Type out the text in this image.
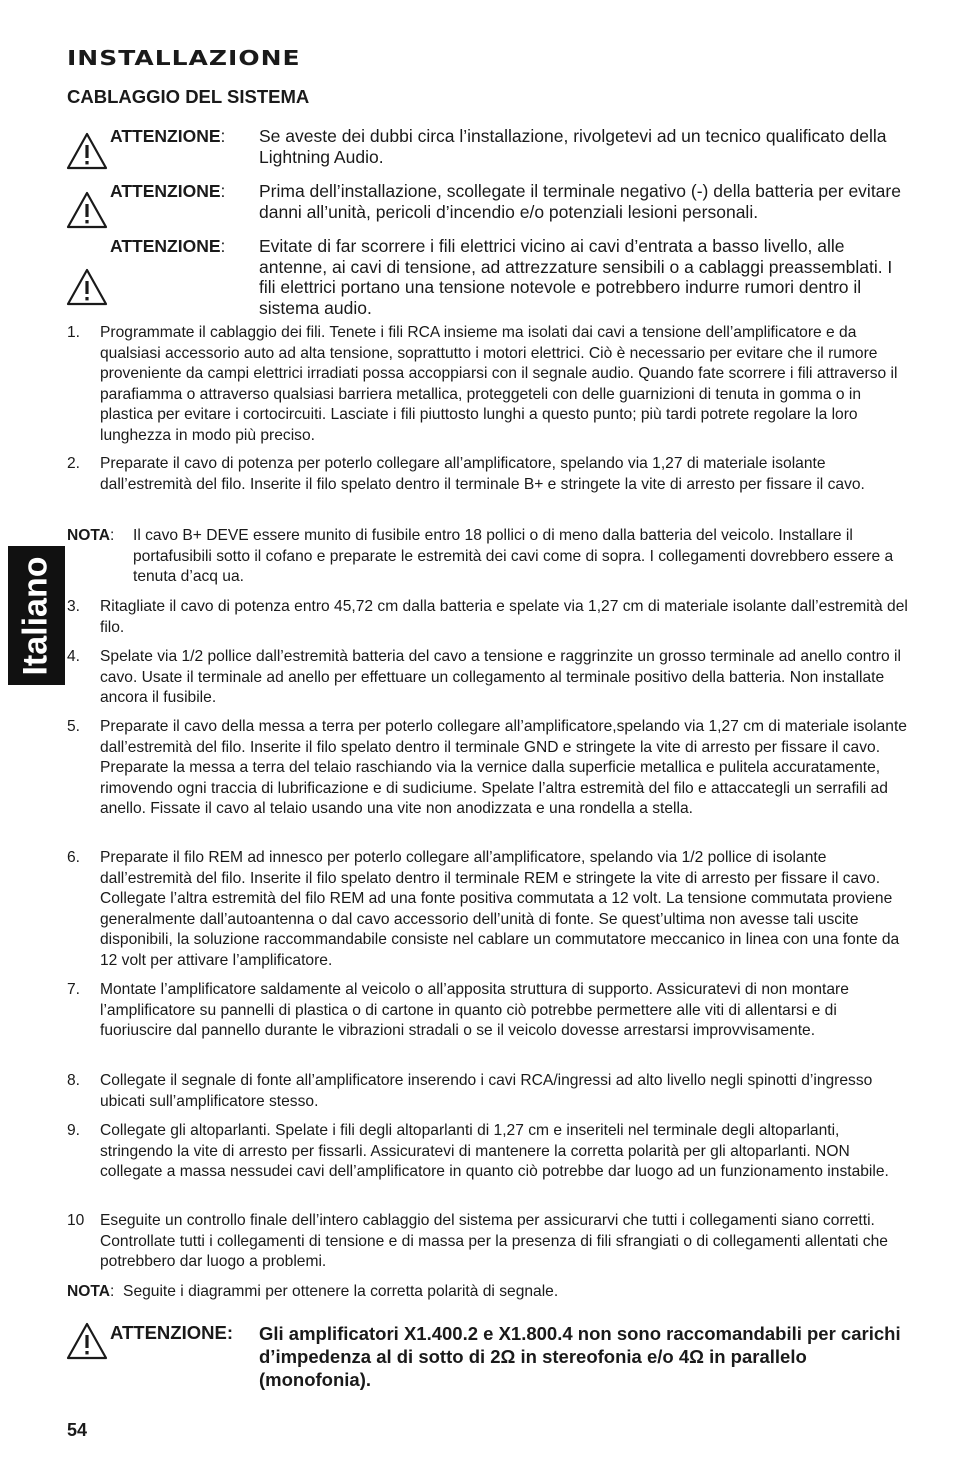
INSTALLAZIONE
CABLAGGIO DEL SISTEMA
ATTENZIONE: Se aveste dei dubbi circa l’installazione, rivolgetevi ad un tecnico qualificato della Lightning Audio.
ATTENZIONE: Prima dell’installazione, scollegate il terminale negativo (-) della batteria per evitare danni all’unità, pericoli d’incendio e/o potenziali lesioni personali.
ATTENZIONE: Evitate di far scorrere i fili elettrici vicino ai cavi d’entrata a basso livello, alle antenne, ai cavi di tensione, ad attrezzature sensibili o a cablaggi preassemblati. I fili elettrici portano una tensione notevole e potrebbero indurre rumori dentro il sistema audio.
1. Programmate il cablaggio dei fili. Tenete i fili RCA insieme ma isolati dai cavi a tensione dell’amplificatore e da qualsiasi accessorio auto ad alta tensione, soprattutto i motori elettrici. Ciò è necessario per evitare che il rumore proveniente da campi elettrici irradiati possa accoppiarsi con il segnale audio. Quando fate scorrere i fili attraverso il parafiamma o attraverso qualsiasi barriera metallica, proteggeteli con delle guarnizioni di tenuta in gomma o in plastica per evitare i cortocircuiti. Lasciate i fili piuttosto lunghi a questo punto; più tardi potrete regolare la loro lunghezza in modo più preciso.
2. Preparate il cavo di potenza per poterlo collegare all’amplificatore, spelando via 1,27 di materiale isolante dall’estremità del filo. Inserite il filo spelato dentro il terminale B+ e stringete la vite di arresto per fissare il cavo.
NOTA: Il cavo B+ DEVE essere munito di fusibile entro 18 pollici o di meno dalla batteria del veicolo. Installare il portafusibili sotto il cofano e preparate le estremità dei cavi come di sopra. I collegamenti dovrebbero essere a tenuta d’acq ua.
3. Ritagliate il cavo di potenza entro 45,72 cm dalla batteria e spelate via 1,27 cm di materiale isolante dall’estremità del filo.
4. Spelate via 1/2 pollice dall’estremità batteria del cavo a tensione e raggrinzite un grosso terminale ad anello contro il cavo. Usate il terminale ad anello per effettuare un collegamento al terminale positivo della batteria. Non installate ancora il fusibile.
5. Preparate il cavo della messa a terra per poterlo collegare all’amplificatore,spelando via 1,27 cm di materiale isolante dall’estremità del filo. Inserite il filo spelato dentro il terminale GND e stringete la vite di arresto per fissare il cavo. Preparate la messa a terra del telaio raschiando via la vernice dalla superficie metallica e pulitela accuratamente, rimovendo ogni traccia di lubrificazione e di sudiciume. Spelate l’altra estremità del filo e attaccategli un serrafili ad anello. Fissate il cavo al telaio usando una vite non anodizzata e una rondella a stella.
6. Preparate il filo REM ad innesco per poterlo collegare all’amplificatore, spelando via 1/2 pollice di isolante dall’estremità del filo. Inserite il filo spelato dentro il terminale REM e stringete la vite di arresto per fissare il cavo. Collegate l’altra estremità del filo REM ad una fonte positiva commutata a 12 volt. La tensione commutata proviene generalmente dall’autoantenna o dal cavo accessorio dell’unità di fonte. Se quest’ultima non avesse tali uscite disponibili, la soluzione raccommandabile consiste nel cablare un commutatore meccanico in linea con una fonte da 12 volt per attivare l’amplificatore.
7. Montate l’amplificatore saldamente al veicolo o all’apposita struttura di supporto. Assicuratevi di non montare l’amplificatore su pannelli di plastica o di cartone in quanto ciò potrebbe permettere alle viti di allentarsi e di fuoriuscire dal pannello durante le vibrazioni stradali o se il veicolo dovesse arrestarsi improvvisamente.
8. Collegate il segnale di fonte all’amplificatore inserendo i cavi RCA/ingressi ad alto livello negli spinotti d’ingresso ubicati sull’amplificatore stesso.
9. Collegate gli altoparlanti. Spelate i fili degli altoparlanti di 1,27 cm e inseriteli nel terminale degli altoparlanti, stringendo la vite di arresto per fissarli. Assicuratevi di mantenere la corretta polarità per gli altoparlanti. NON collegate a massa nessudei cavi dell’amplificatore in quanto ciò potrebbe dar luogo ad un funzionamento instabile.
10 Eseguite un controllo finale dell’intero cablaggio del sistema per assicurarvi che tutti i collegamenti siano corretti. Controllate tutti i collegamenti di tensione e di massa per la presenza di fili sfrangiati o di collegamenti allentati che potrebbero dar luogo a problemi.
NOTA: Seguite i diagrammi per ottenere la corretta polarità di segnale.
ATTENZIONE: Gli amplificatori X1.400.2 e X1.800.4 non sono raccomandabili per carichi d’impedenza al di sotto di 2Ω in stereofonia e/o 4Ω in parallelo (monofonia).
Italiano
54
